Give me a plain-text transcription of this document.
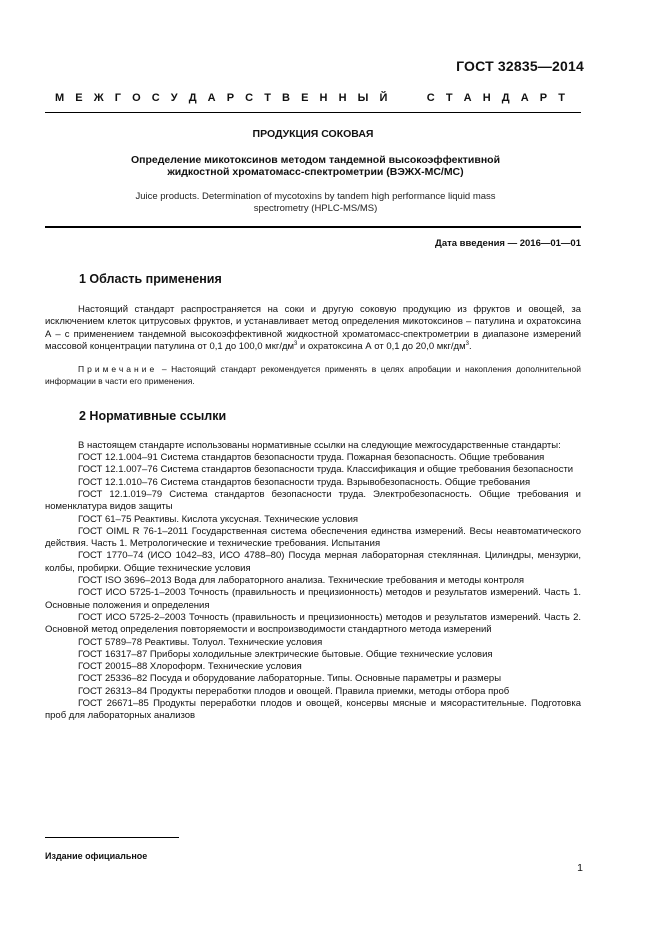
ГОСТ 32835—2014

М Е Ж Г О С У Д А Р С Т В Е Н Н Ы Й

	С Т А Н Д А Р Т

ПРОДУКЦИЯ СОКОВАЯ

Определение микотоксинов методом тандемной высокоэффективной жидкостной хроматомасс-спектрометрии (ВЭЖХ-МС/МС)

Juice products. Determination of mycotoxins by tandem high performance liquid mass spectrometry (HPLC-MS/MS)

Дата введения — 2016—01—01

1 Область применения

Настоящий стандарт распространяется на соки и другую соковую продукцию из фруктов и овощей, за исключением клеток цитрусовых фруктов, и устанавливает метод определения микотоксинов – патулина и охратоксина А – с применением тандемной высокоэффективной жидкостной хроматомасс-спектрометрии в диапазоне измерений массовой концентрации патулина от 0,1 до 100,0 мкг/$дм^3$ и охратоксина А от 0,1 до 20,0 мкг/$дм^3$.

Примечание – Настоящий стандарт рекомендуется применять в целях апробации и накопления дополнительной информации в части его применения.

2 Нормативные ссылки

В настоящем стандарте использованы нормативные ссылки на следующие межгосударственные стандарты:

ГОСТ 12.1.004–91 Система стандартов безопасности труда. Пожарная безопасность. Общие требования

ГОСТ 12.1.007–76 Система стандартов безопасности труда. Классификация и общие требования безопасности

ГОСТ 12.1.010–76 Система стандартов безопасности труда. Взрывобезопасность. Общие требования

ГОСТ 12.1.019–79 Система стандартов безопасности труда. Электробезопасность. Общие требования и номенклатура видов защиты

ГОСТ 61–75 Реактивы. Кислота уксусная. Технические условия

ГОСТ OIML R 76-1–2011 Государственная система обеспечения единства измерений. Весы неавтоматического действия. Часть 1. Метрологические и технические требования. Испытания

ГОСТ 1770–74 (ИСО 1042–83, ИСО 4788–80) Посуда мерная лабораторная стеклянная. Цилиндры, мензурки, колбы, пробирки. Общие технические условия

ГОСТ ISO 3696–2013 Вода для лабораторного анализа. Технические требования и методы контроля

ГОСТ ИСО 5725-1–2003 Точность (правильность и прецизионность) методов и результатов измерений. Часть 1. Основные положения и определения

ГОСТ ИСО 5725-2–2003 Точность (правильность и прецизионность) методов и результатов измерений. Часть 2. Основной метод определения повторяемости и воспроизводимости стандартного метода измерений

ГОСТ 5789–78 Реактивы. Толуол. Технические условия

ГОСТ 16317–87 Приборы холодильные электрические бытовые. Общие технические условия

ГОСТ 20015–88 Хлороформ. Технические условия

ГОСТ 25336–82 Посуда и оборудование лабораторные. Типы. Основные параметры и размеры

ГОСТ 26313–84 Продукты переработки плодов и овощей. Правила приемки, методы отбора проб

ГОСТ 26671–85 Продукты переработки плодов и овощей, консервы мясные и мясорастительные. Подготовка проб для лабораторных анализов

Издание официальное

1
